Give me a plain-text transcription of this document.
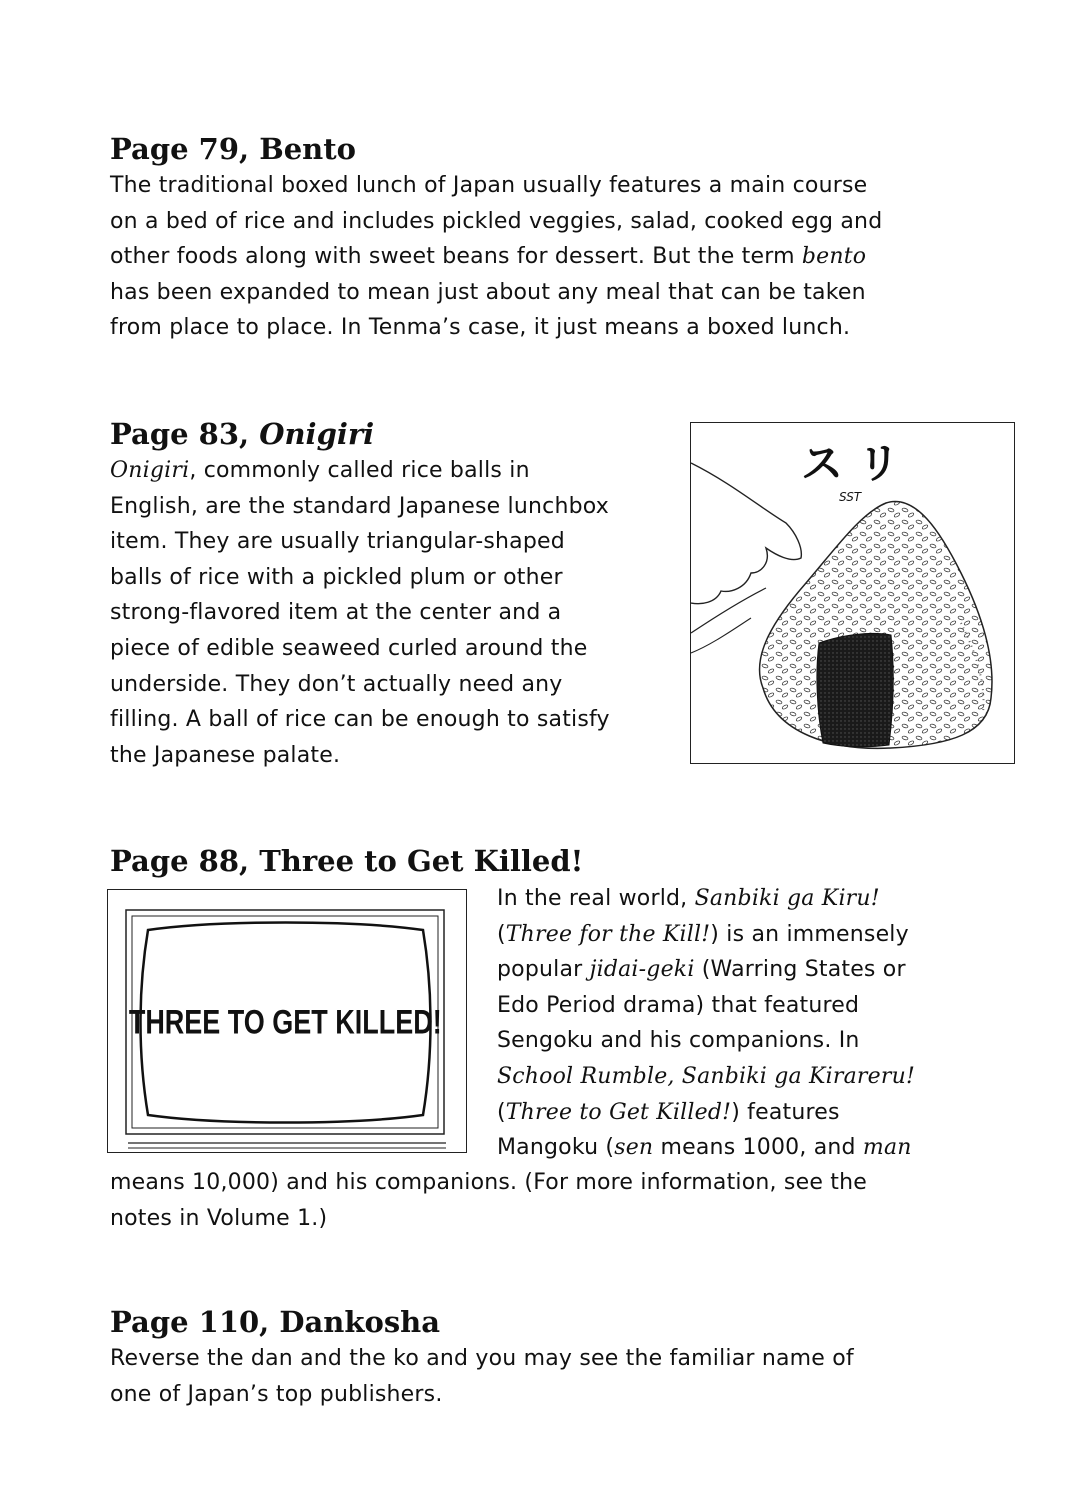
Page 79, Bento

The traditional boxed lunch of Japan usually features a main course
on a bed of rice and includes pickled veggies, salad, cooked egg and
other foods along with sweet beans for dessert. But the term bento
has been expanded to mean just about any meal that can be taken
from place to place. In Tenma’s case, it just means a boxed lunch.

Page 83, Onigiri

Onigiri, commonly called rice balls in
English, are the standard Japanese lunchbox
item. They are usually triangular-shaped
balls of rice with a pickled plum or other
strong-flavored item at the center and a
piece of edible seaweed curled around the
underside. They don’t actually need any
filling. A ball of rice can be enough to satisfy
the Japanese palate.

ス リ
SST
Page 88, Three to Get Killed!
THREE TO GET KILLED!

In the real world, Sanbiki ga Kiru!
(Three for the Kill!) is an immensely
popular jidai-geki (Warring States or
Edo Period drama) that featured
Sengoku and his companions. In
School Rumble, Sanbiki ga Kirareru!
(Three to Get Killed!) features
Mangoku (sen means 1000, and man

means 10,000) and his companions. (For more information, see the
notes in Volume 1.)

Page 110, Dankosha

Reverse the dan and the ko and you may see the familiar name of
one of Japan’s top publishers.
